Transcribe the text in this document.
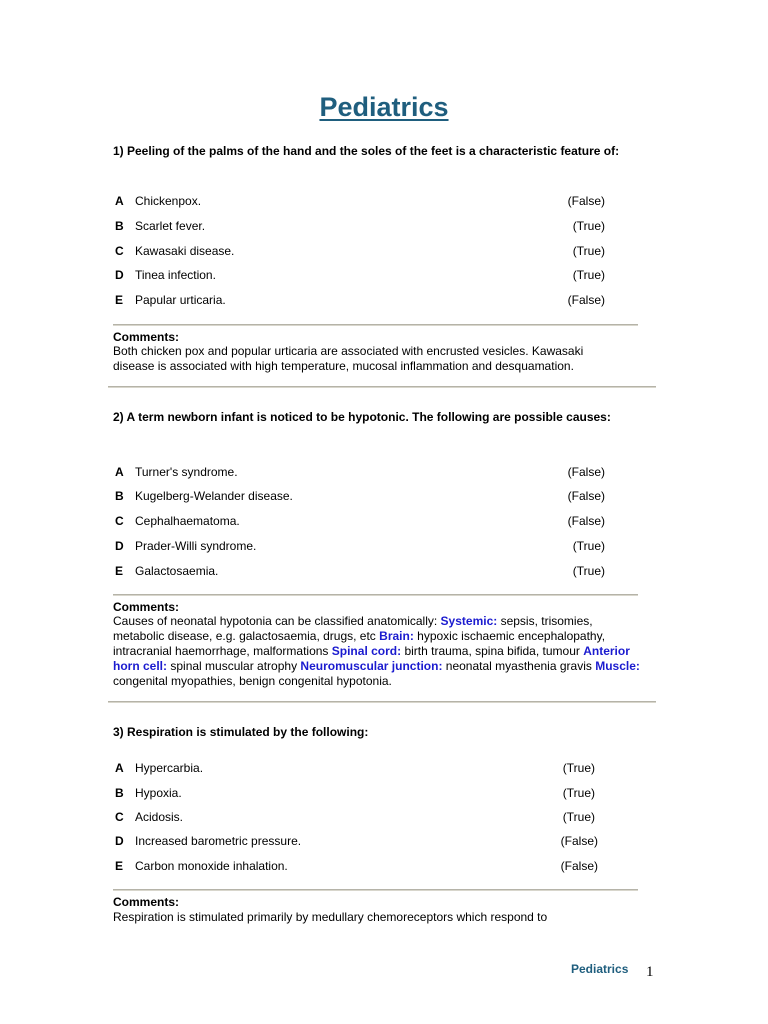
Pediatrics
1) Peeling of the palms of the hand and the soles of the feet is a characteristic feature of:
A Chickenpox.	(False)
B Scarlet fever.	(True)
C Kawasaki disease.	(True)
D Tinea infection.	(True)
E Papular urticaria.	(False)
Comments:
Both chicken pox and popular urticaria are associated with encrusted vesicles. Kawasaki disease is associated with high temperature, mucosal inflammation and desquamation.
2) A term newborn infant is noticed to be hypotonic. The following are possible causes:
A Turner's syndrome.	(False)
B Kugelberg-Welander disease.	(False)
C Cephalhaematoma.	(False)
D Prader-Willi syndrome.	(True)
E Galactosaemia.	(True)
Comments:
Causes of neonatal hypotonia can be classified anatomically: Systemic: sepsis, trisomies, metabolic disease, e.g. galactosaemia, drugs, etc Brain: hypoxic ischaemic encephalopathy, intracranial haemorrhage, malformations Spinal cord: birth trauma, spina bifida, tumour Anterior horn cell: spinal muscular atrophy Neuromuscular junction: neonatal myasthenia gravis Muscle: congenital myopathies, benign congenital hypotonia.
3) Respiration is stimulated by the following:
A Hypercarbia.	(True)
B Hypoxia.	(True)
C Acidosis.	(True)
D Increased barometric pressure.	(False)
E Carbon monoxide inhalation.	(False)
Comments:
Respiration is stimulated primarily by medullary chemoreceptors which respond to
Pediatrics 1
